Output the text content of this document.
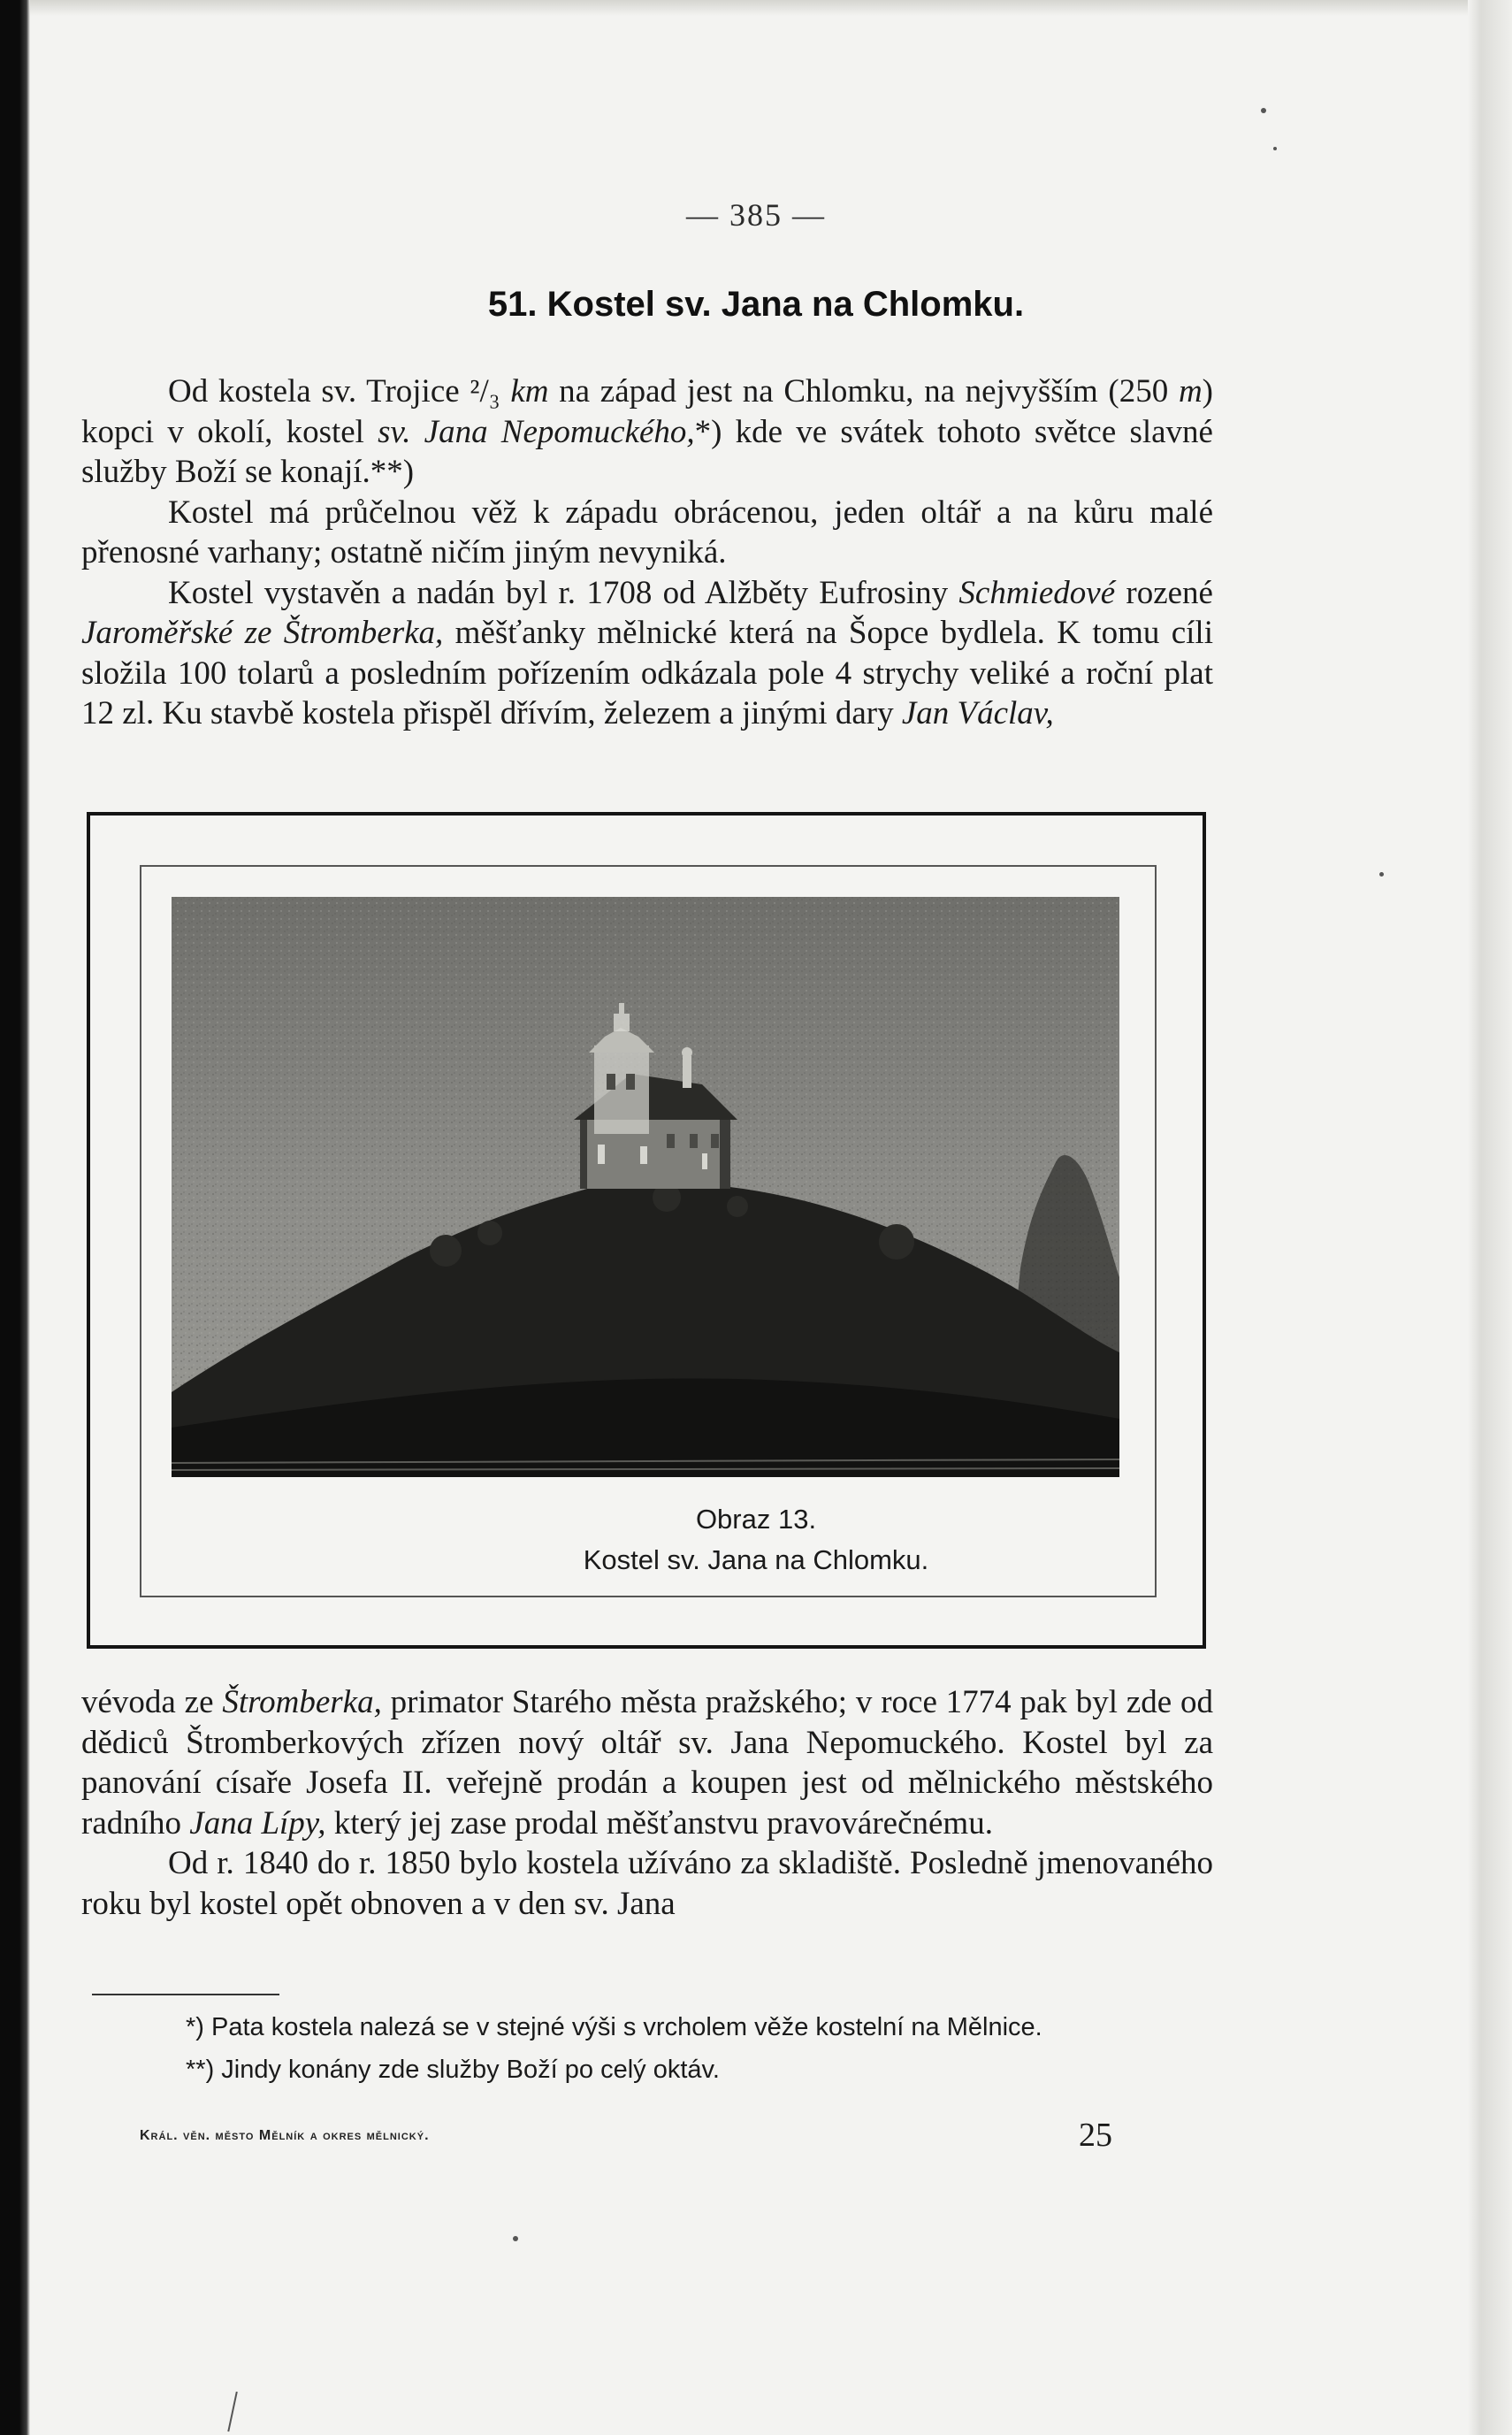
— 385 —
51. Kostel sv. Jana na Chlomku.

Od kostela sv. Trojice ²/₃ km na západ jest na Chlomku, na nejvyšším (250 m) kopci v okolí, kostel sv. Jana Nepomuckého,*) kde ve svátek tohoto světce slavné služby Boží se konají.**)

Kostel má průčelnou věž k západu obrácenou, jeden oltář a na kůru malé přenosné varhany; ostatně ničím jiným nevyniká.

Kostel vystavěn a nadán byl r. 1708 od Alžběty Eufrosiny Schmiedové rozené Jaroměřské ze Štromberka, měšťanky mělnické která na Šopce bydlela. K tomu cíli složila 100 tolarů a posledním pořízením odkázala pole 4 strychy veliké a roční plat 12 zl. Ku stavbě kostela přispěl dřívím, železem a jinými dary Jan Václav,

Obraz 13.
Kostel sv. Jana na Chlomku.

vévoda ze Štromberka, primator Starého města pražského; v roce 1774 pak byl zde od dědiců Štromberkových zřízen nový oltář sv. Jana Nepomuckého. Kostel byl za panování císaře Josefa II. veřejně prodán a koupen jest od mělnického městského radního Jana Lípy, který jej zase prodal měšťanstvu pravovárečnému.

Od r. 1840 do r. 1850 bylo kostela užíváno za skladiště. Posledně jmenovaného roku byl kostel opět obnoven a v den sv. Jana

*) Pata kostela nalezá se v stejné výši s vrcholem věže kostelní na Mělnice.

**) Jindy konány zde služby Boží po celý oktáv.

Král. věn. město Mělník a okres mělnický.	25
